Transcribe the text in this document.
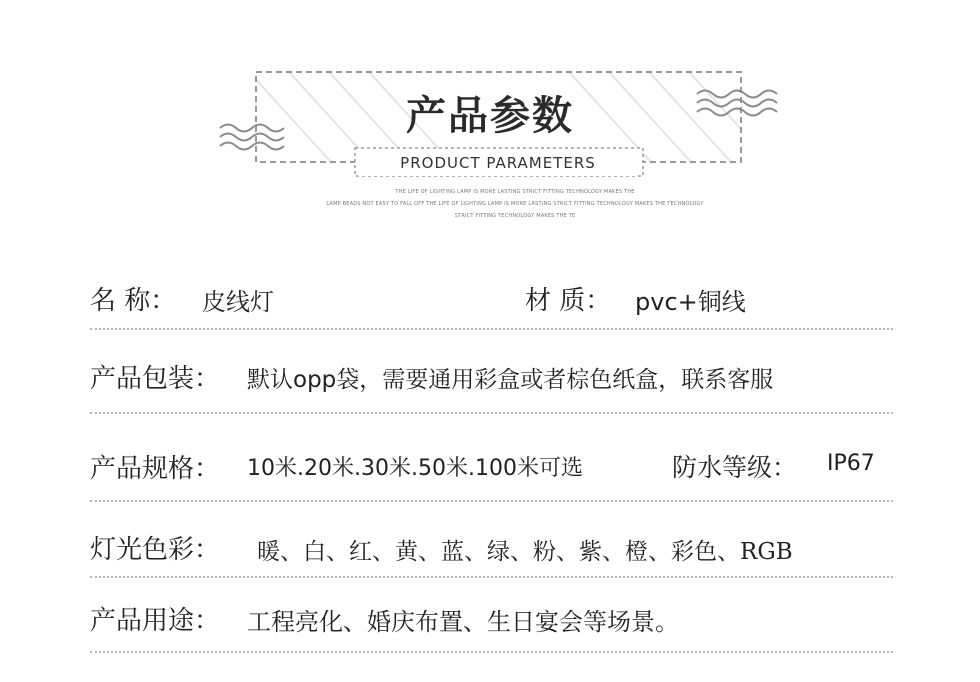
产品参数
PRODUCT PARAMETERS
THE LIFE OF LIGHTING LAMP IS MORE LASTING STRICT FITTING TECHNOLOGY MAKES THE
LAMP BEADS NOT EASY TO FALL OFF THE LIFE OF LIGHTING LAMP IS MORE LASTING STRICT FITTING TECHNOLOGY MAKES THE TECHNOLOGY
STRICT FITTING TECHNOLOGY MAKES THE TE
名 称： 皮线灯	材 质： pvc+铜线
产品包装： 默认opp袋，需要通用彩盒或者棕色纸盒，联系客服
产品规格： 10米.20米.30米.50米.100米可选	防水等级： IP67
灯光色彩： 暖、白、红、黄、蓝、绿、粉、紫、橙、彩色、RGB
产品用途： 工程亮化、婚庆布置、生日宴会等场景。
